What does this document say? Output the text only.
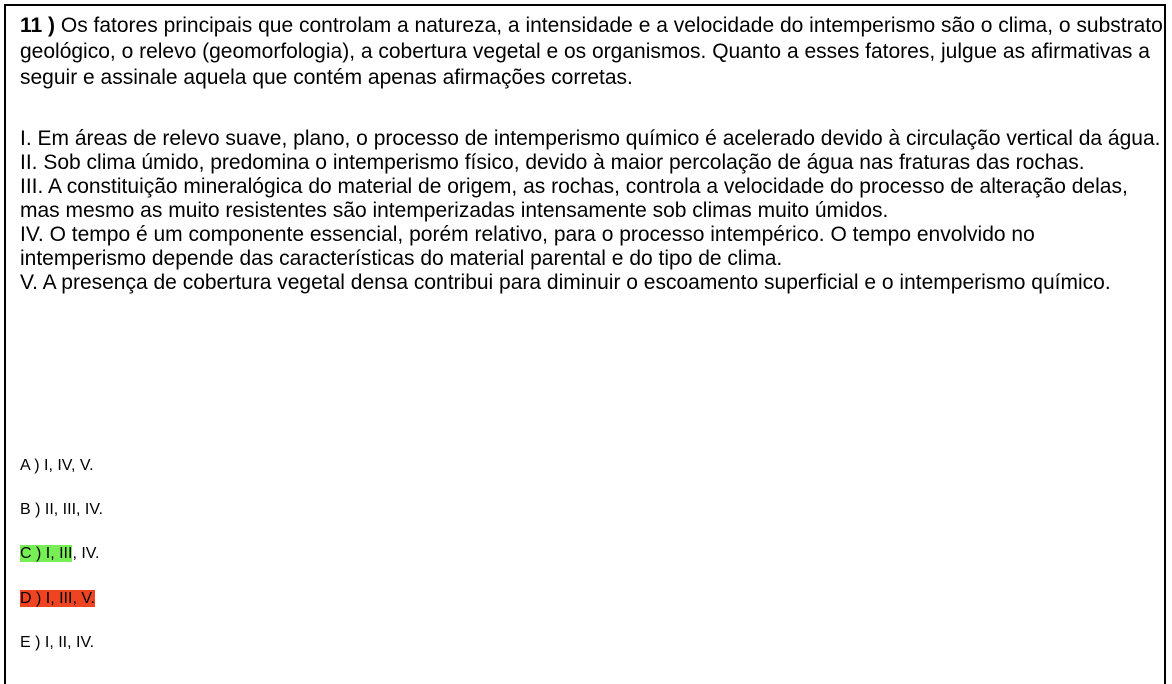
11 ) Os fatores principais que controlam a natureza, a intensidade e a velocidade do intemperismo são o clima, o substrato geológico, o relevo (geomorfologia), a cobertura vegetal e os organismos. Quanto a esses fatores, julgue as afirmativas a seguir e assinale aquela que contém apenas afirmações corretas.

I. Em áreas de relevo suave, plano, o processo de intemperismo químico é acelerado devido à circulação vertical da água.
II. Sob clima úmido, predomina o intemperismo físico, devido à maior percolação de água nas fraturas das rochas.
III. A constituição mineralógica do material de origem, as rochas, controla a velocidade do processo de alteração delas, mas mesmo as muito resistentes são intemperizadas intensamente sob climas muito úmidos.
IV. O tempo é um componente essencial, porém relativo, para o processo intempérico. O tempo envolvido no intemperismo depende das características do material parental e do tipo de clima.
V. A presença de cobertura vegetal densa contribui para diminuir o escoamento superficial e o intemperismo químico.
A ) I, IV, V.
B ) II, III, IV.
C ) I, III, IV.
D ) I, III, V.
E ) I, II, IV.
